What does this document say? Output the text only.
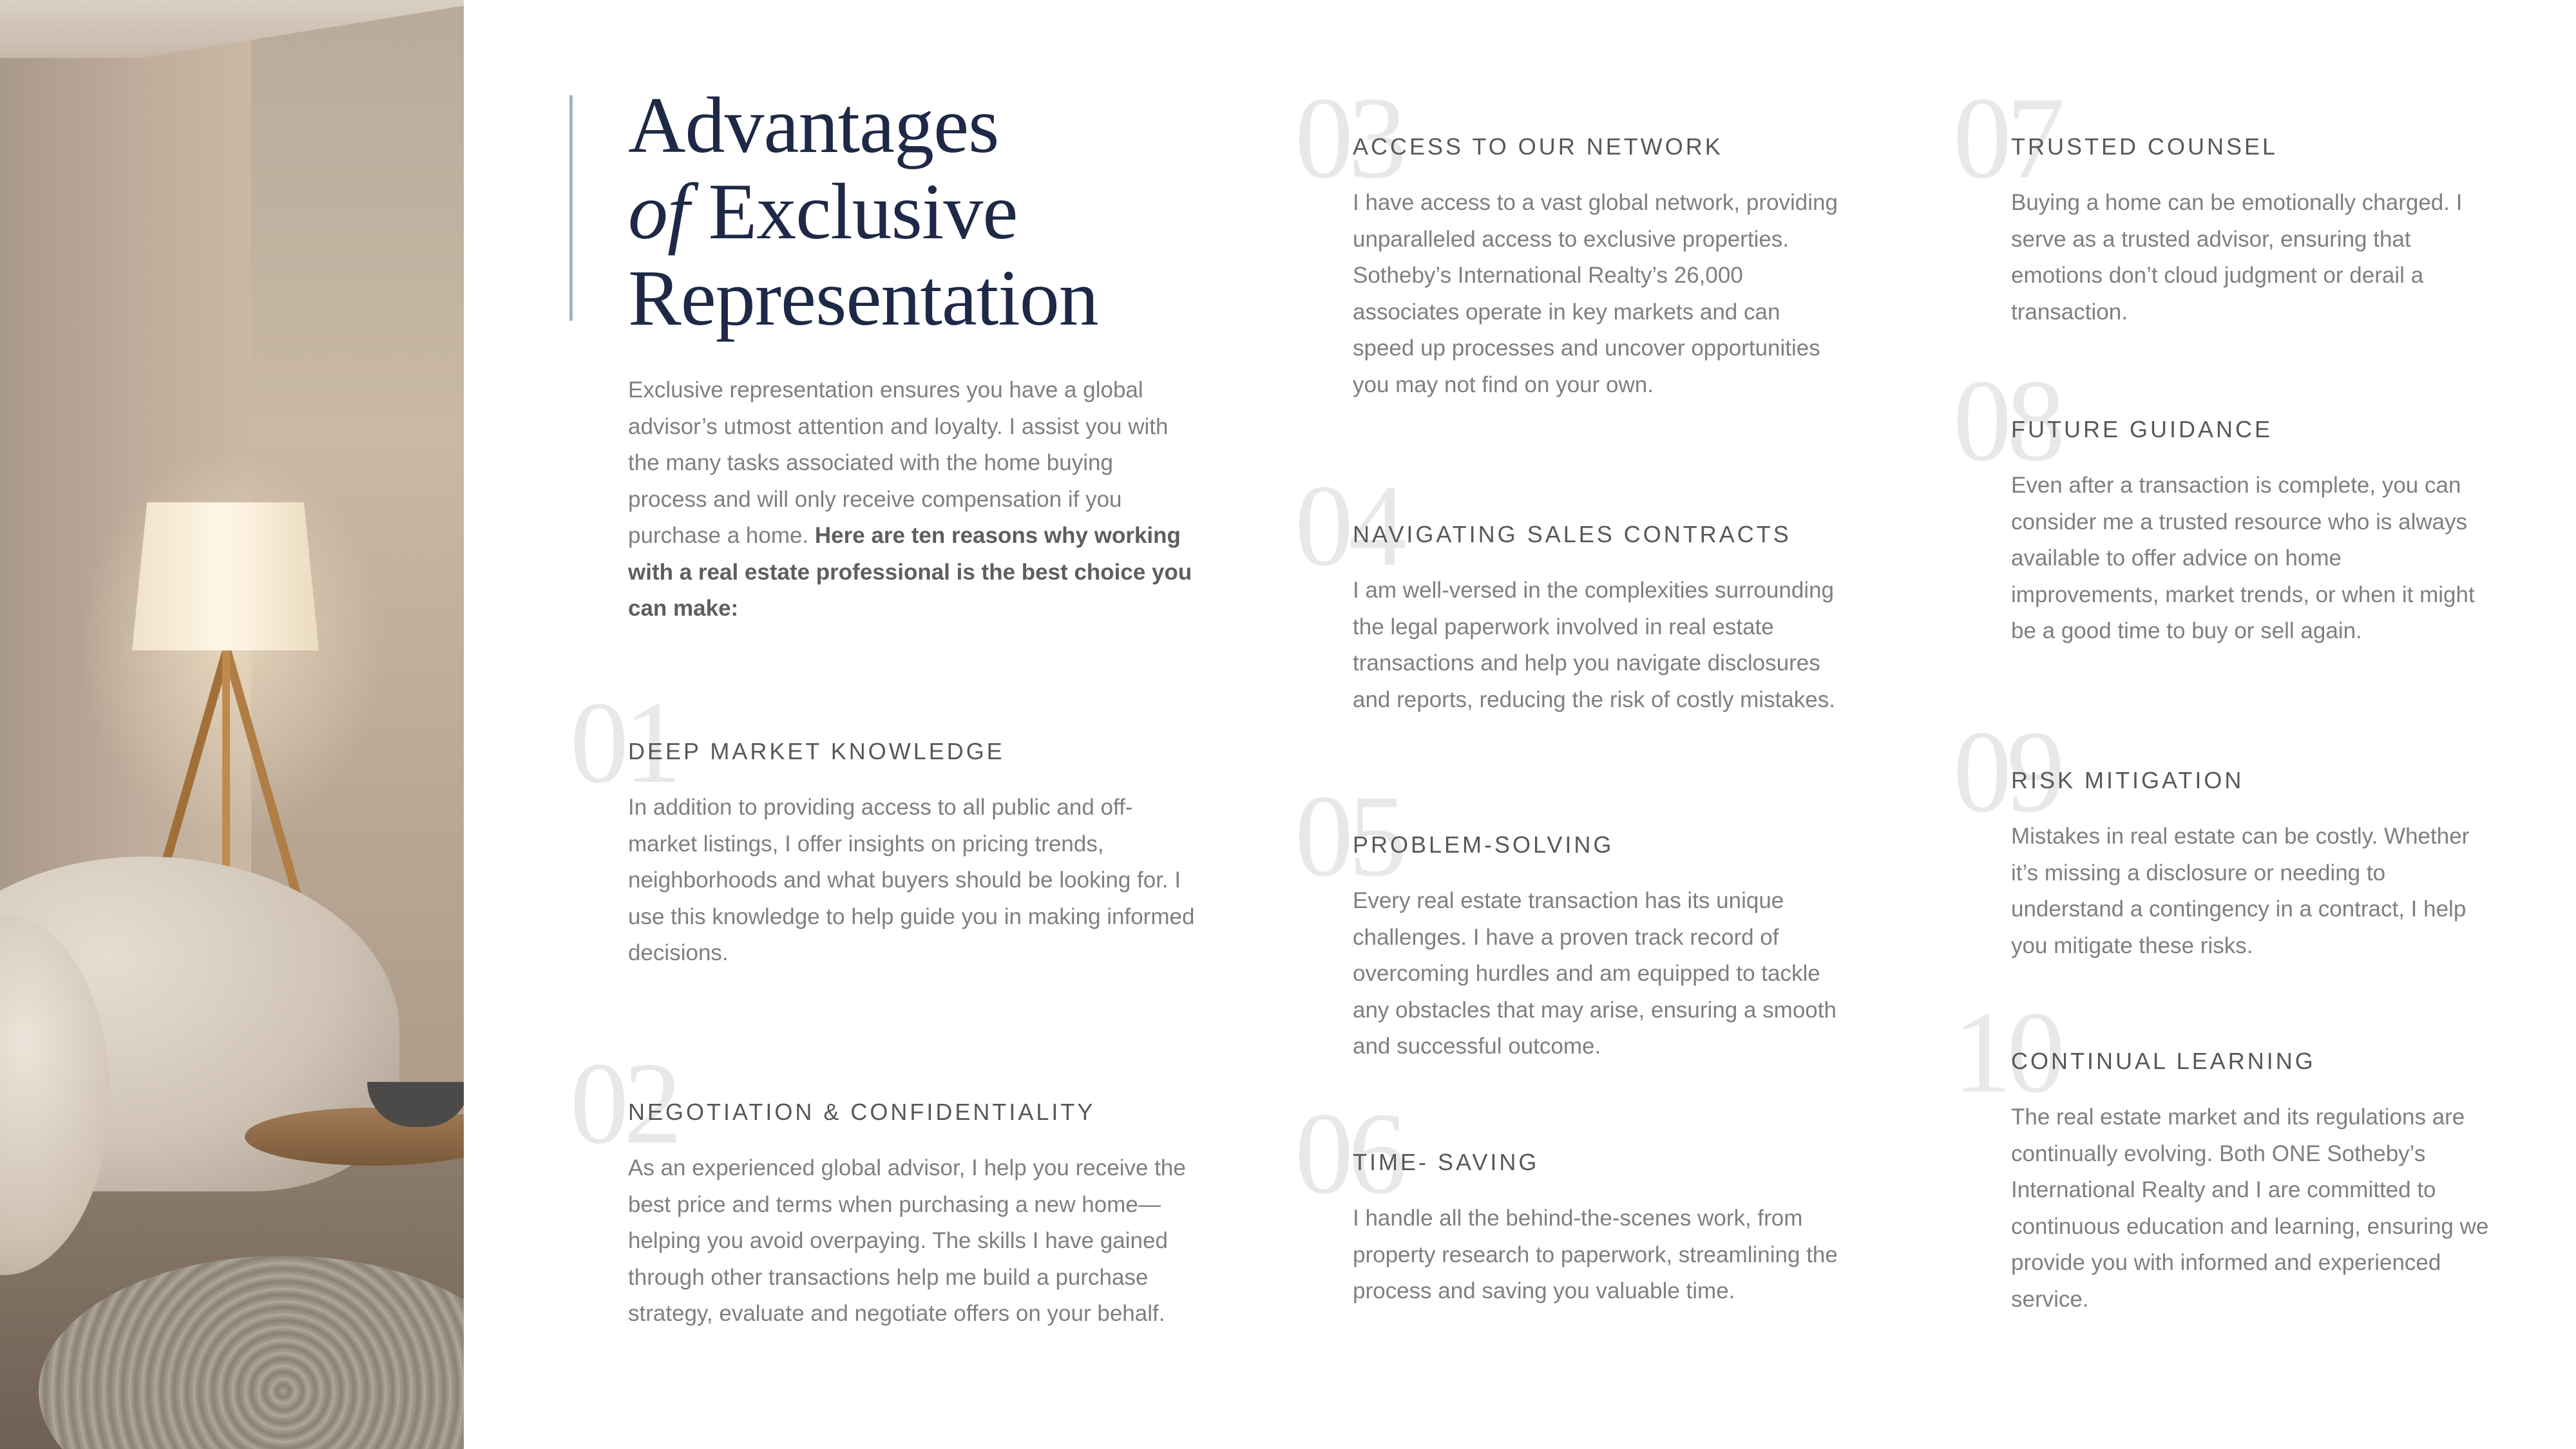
Advantages
of Exclusive
Representation

Exclusive representation ensures you have a global advisor’s utmost attention and loyalty. I assist you with the many tasks associated with the home buying process and will only receive compensation if you purchase a home. Here are ten reasons why working with a real estate professional is the best choice you can make:

01
DEEP MARKET KNOWLEDGE

In addition to providing access to all public and off-market listings, I offer insights on pricing trends, neighborhoods and what buyers should be looking for. I use this knowledge to help guide you in making informed decisions.

02
NEGOTIATION & CONFIDENTIALITY

As an experienced global advisor, I help you receive the best price and terms when purchasing a new home—helping you avoid overpaying. The skills I have gained through other transactions help me build a purchase strategy, evaluate and negotiate offers on your behalf.

03
ACCESS TO OUR NETWORK

I have access to a vast global network, providing unparalleled access to exclusive properties. Sotheby’s International Realty’s 26,000 associates operate in key markets and can speed up processes and uncover opportunities you may not find on your own.

04
NAVIGATING SALES CONTRACTS

I am well-versed in the complexities surrounding the legal paperwork involved in real estate transactions and help you navigate disclosures and reports, reducing the risk of costly mistakes.

05
PROBLEM-SOLVING

Every real estate transaction has its unique challenges. I have a proven track record of overcoming hurdles and am equipped to tackle any obstacles that may arise, ensuring a smooth and successful outcome.

06
TIME- SAVING

I handle all the behind-the-scenes work, from property research to paperwork, streamlining the process and saving you valuable time.

07
TRUSTED COUNSEL

Buying a home can be emotionally charged. I serve as a trusted advisor, ensuring that emotions don’t cloud judgment or derail a transaction.

08
FUTURE GUIDANCE

Even after a transaction is complete, you can consider me a trusted resource who is always available to offer advice on home improvements, market trends, or when it might be a good time to buy or sell again.

09
RISK MITIGATION

Mistakes in real estate can be costly. Whether it’s missing a disclosure or needing to understand a contingency in a contract, I help you mitigate these risks.

10
CONTINUAL LEARNING

The real estate market and its regulations are continually evolving. Both ONE Sotheby’s International Realty and I are committed to continuous education and learning, ensuring we provide you with informed and experienced service.
